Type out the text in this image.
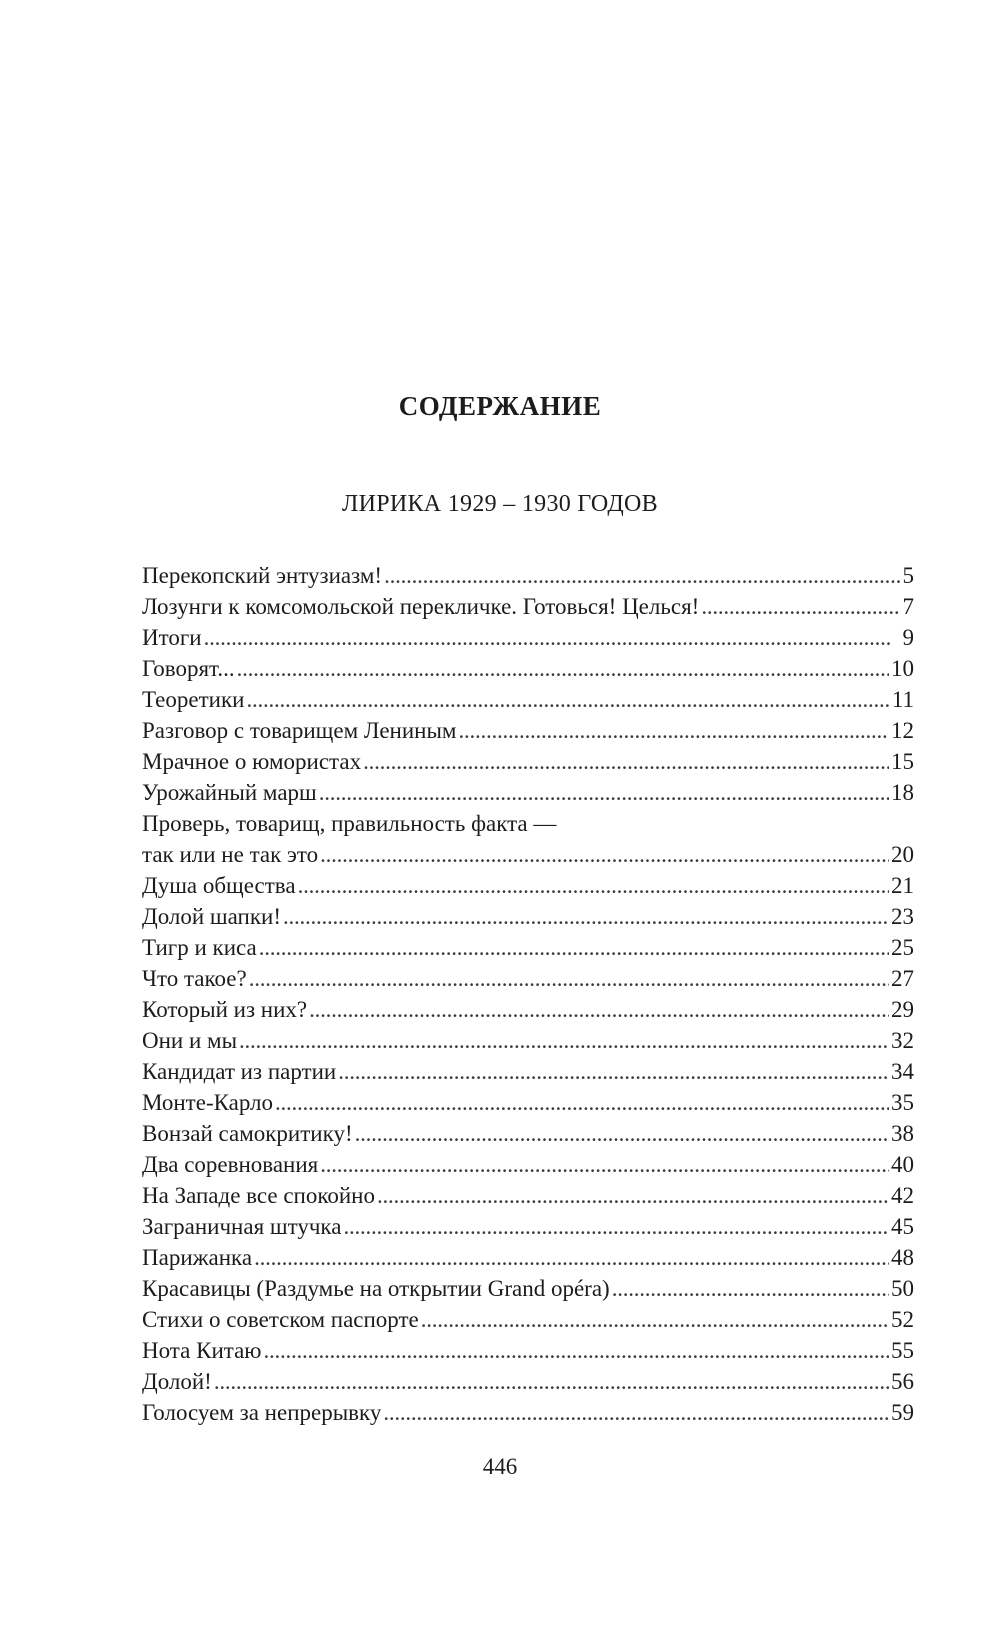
СОДЕРЖАНИЕ
ЛИРИКА 1929 – 1930 ГОДОВ
Перекопский энтузиазм! . . .	5
Лозунги к комсомольской перекличке. Готовься! Целься! . . .	7
Итоги . . .	9
Говорят... . . .	10
Теоретики . . .	11
Разговор с товарищем Лениным . . .	12
Мрачное о юмористах . . .	15
Урожайный марш . . .	18
Проверь, товарищ, правильность факта —
так или не так это . . .	20
Душа общества . . .	21
Долой шапки! . . .	23
Тигр и киса . . .	25
Что такое? . . .	27
Который из них? . . .	29
Они и мы . . .	32
Кандидат из партии . . .	34
Монте-Карло . . .	35
Вонзай самокритику! . . .	38
Два соревнования . . .	40
На Западе все спокойно . . .	42
Заграничная штучка . . .	45
Парижанка . . .	48
Красавицы (Раздумье на открытии Grand opéra) . . .	50
Стихи о советском паспорте . . .	52
Нота Китаю . . .	55
Долой! . . .	56
Голосуем за непрерывку . . .	59
446
